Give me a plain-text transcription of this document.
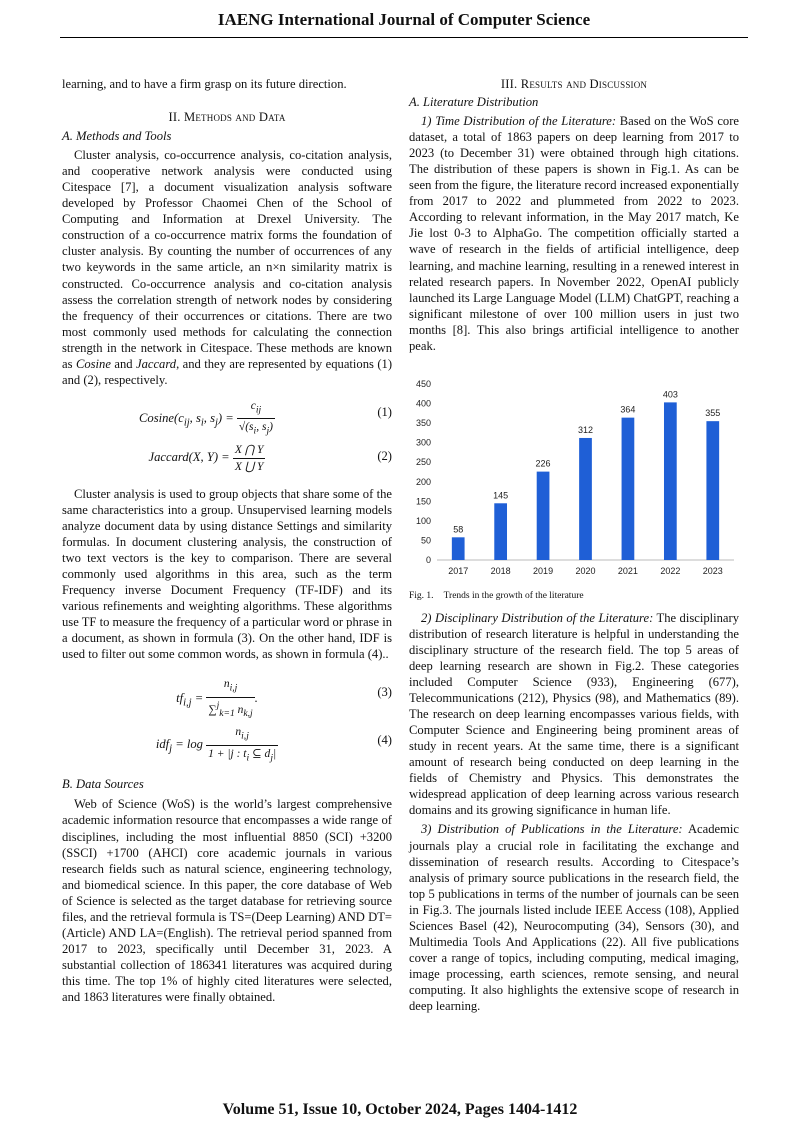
IAENG International Journal of Computer Science

learning, and to have a firm grasp on its future direction.

II. Methods and Data

A. Methods and Tools

Cluster analysis, co-occurrence analysis, co-citation analysis, and cooperative network analysis were conducted using Citespace [7], a document visualization analysis software developed by Professor Chaomei Chen of the School of Computing and Information at Drexel University. The construction of a co-occurrence matrix forms the foundation of cluster analysis. By counting the number of occurrences of any two keywords in the same article, an n×n similarity matrix is constructed. Co-occurrence analysis and co-citation analysis assess the correlation strength of network nodes by considering the frequency of their occurrences or citations. There are two most commonly used methods for calculating the connection strength in the network in Citespace. These methods are known as Cosine and Jaccard, and they are represented by equations (1) and (2), respectively.

$Cosine(c_{ij}$, $s_i$, $s_j) = \frac{c_{ij}}{√(s_i, s_j)}$	(1)
Jaccard(X, $Y) = \frac{X ⋂ Y}{X ⋃ Y}$	(2)

Cluster analysis is used to group objects that share some of the same characteristics into a group. Unsupervised learning models analyze document data by using distance Settings and similarity formulas. In document clustering analysis, the construction of two text vectors is the key to comparison. There are several commonly used algorithms in this area, such as the term Frequency inverse Document Frequency (TF-IDF) and its various refinements and weighting algorithms. These algorithms use TF to measure the frequency of a particular word or phrase in a document, as shown in formula (3). On the other hand, IDF is used to filter out some common words, as shown in formula (4)..

$tf_{i,j} = \frac{n_{i,j}}{\sum^j_{k=1} n_{k,j}}$ .	(3)
$idf_j = \log \frac{n_{i,j}}{1 + |j : t_i ⊆ d_j|}$	(4)

B. Data Sources

Web of Science (WoS) is the world’s largest comprehensive academic information resource that encompasses a wide range of disciplines, including the most influential 8850 (SCI) +3200 (SSCI) +1700 (AHCI) core academic journals in various research fields such as natural science, engineering technology, and biomedical science. In this paper, the core database of Web of Science is selected as the target database for retrieving source files, and the retrieval formula is TS=(Deep Learning) AND DT=(Article) AND LA=(English). The retrieval period spanned from 2017 to 2023, specifically until December 31, 2023. A substantial collection of 186341 literatures was acquired during this time. The top 1% of highly cited literatures were selected, and 1863 literatures were finally obtained.

III. Results and Discussion

A. Literature Distribution

1) Time Distribution of the Literature: Based on the WoS core dataset, a total of 1863 papers on deep learning from 2017 to 2023 (to December 31) were obtained through high citations. The distribution of these papers is shown in Fig.1. As can be seen from the figure, the literature record increased exponentially from 2017 to 2022 and plummeted from 2022 to 2023. According to relevant information, in the May 2017 match, Ke Jie lost 0-3 to AlphaGo. The competition officially started a wave of research in the fields of artificial intelligence, deep learning, and machine learning, resulting in a renewed interest in related research papers. In November 2022, OpenAI publicly launched its Large Language Model (LLM) ChatGPT, reaching a significant milestone of over 100 million users in just two months [8]. This also brings artificial intelligence to another peak.

0
50
100
150
200
250
300
350
400
450
58
2017
145
2018
226
2019
312
2020
364
2021
403
2022
355
2023

Fig. 1. Trends in the growth of the literature

2) Disciplinary Distribution of the Literature: The disciplinary distribution of research literature is helpful in understanding the disciplinary structure of the research field. The top 5 areas of deep learning research are shown in Fig.2. These categories included Computer Science (933), Engineering (677), Telecommunications (212), Physics (98), and Mathematics (89). The research on deep learning encompasses various fields, with Computer Science and Engineering being prominent areas of study in recent years. At the same time, there is a significant amount of research being conducted on deep learning in the fields of Chemistry and Physics. This demonstrates the widespread application of deep learning across various research domains and its growing significance in human life.

3) Distribution of Publications in the Literature: Academic journals play a crucial role in facilitating the exchange and dissemination of research results. According to Citespace’s analysis of primary source publications in the research field, the top 5 publications in terms of the number of journals can be seen in Fig.3. The journals listed include IEEE Access (108), Applied Sciences Basel (42), Neurocomputing (34), Sensors (30), and Multimedia Tools And Applications (22). All five publications cover a range of topics, including computing, medical imaging, image processing, earth sciences, remote sensing, and neural computing. It also highlights the extensive scope of research in deep learning.

Volume 51, Issue 10, October 2024, Pages 1404-1412
